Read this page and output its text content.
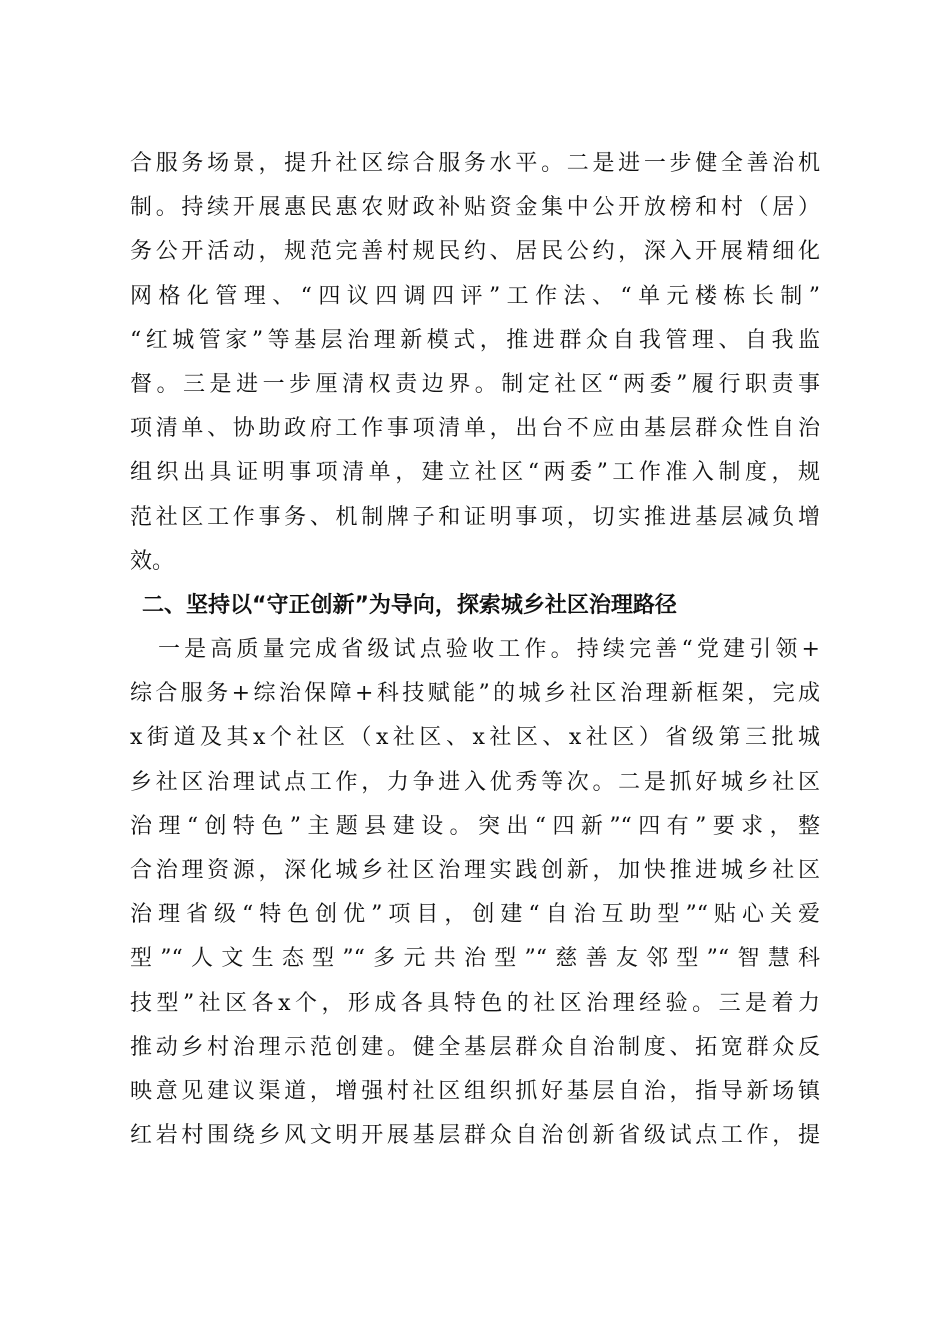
合服务场景，提升社区综合服务水平。二是进一步健全善治机
制。持续开展惠民惠农财政补贴资金集中公开放榜和村（居）
务公开活动，规范完善村规民约、居民公约，深入开展精细化
网格化管理、“四议四调四评”工作法、“单元楼栋长制”
“红城管家”等基层治理新模式，推进群众自我管理、自我监
督。三是进一步厘清权责边界。制定社区“两委”履行职责事
项清单、协助政府工作事项清单，出台不应由基层群众性自治
组织出具证明事项清单，建立社区“两委”工作准入制度，规
范社区工作事务、机制牌子和证明事项，切实推进基层减负增
效。
二、坚持以“守正创新”为导向，探索城乡社区治理路径
一是高质量完成省级试点验收工作。持续完善“党建引领+
综合服务+综治保障+科技赋能”的城乡社区治理新框架，完成
x街道及其x个社区（x社区、x社区、x社区）省级第三批城
乡社区治理试点工作，力争进入优秀等次。二是抓好城乡社区
治理“创特色”主题县建设。突出“四新”“四有”要求，整
合治理资源，深化城乡社区治理实践创新，加快推进城乡社区
治理省级“特色创优”项目，创建“自治互助型”“贴心关爱
型”“人文生态型”“多元共治型”“慈善友邻型”“智慧科
技型”社区各x个，形成各具特色的社区治理经验。三是着力
推动乡村治理示范创建。健全基层群众自治制度、拓宽群众反
映意见建议渠道，增强村社区组织抓好基层自治，指导新场镇
红岩村围绕乡风文明开展基层群众自治创新省级试点工作，提
